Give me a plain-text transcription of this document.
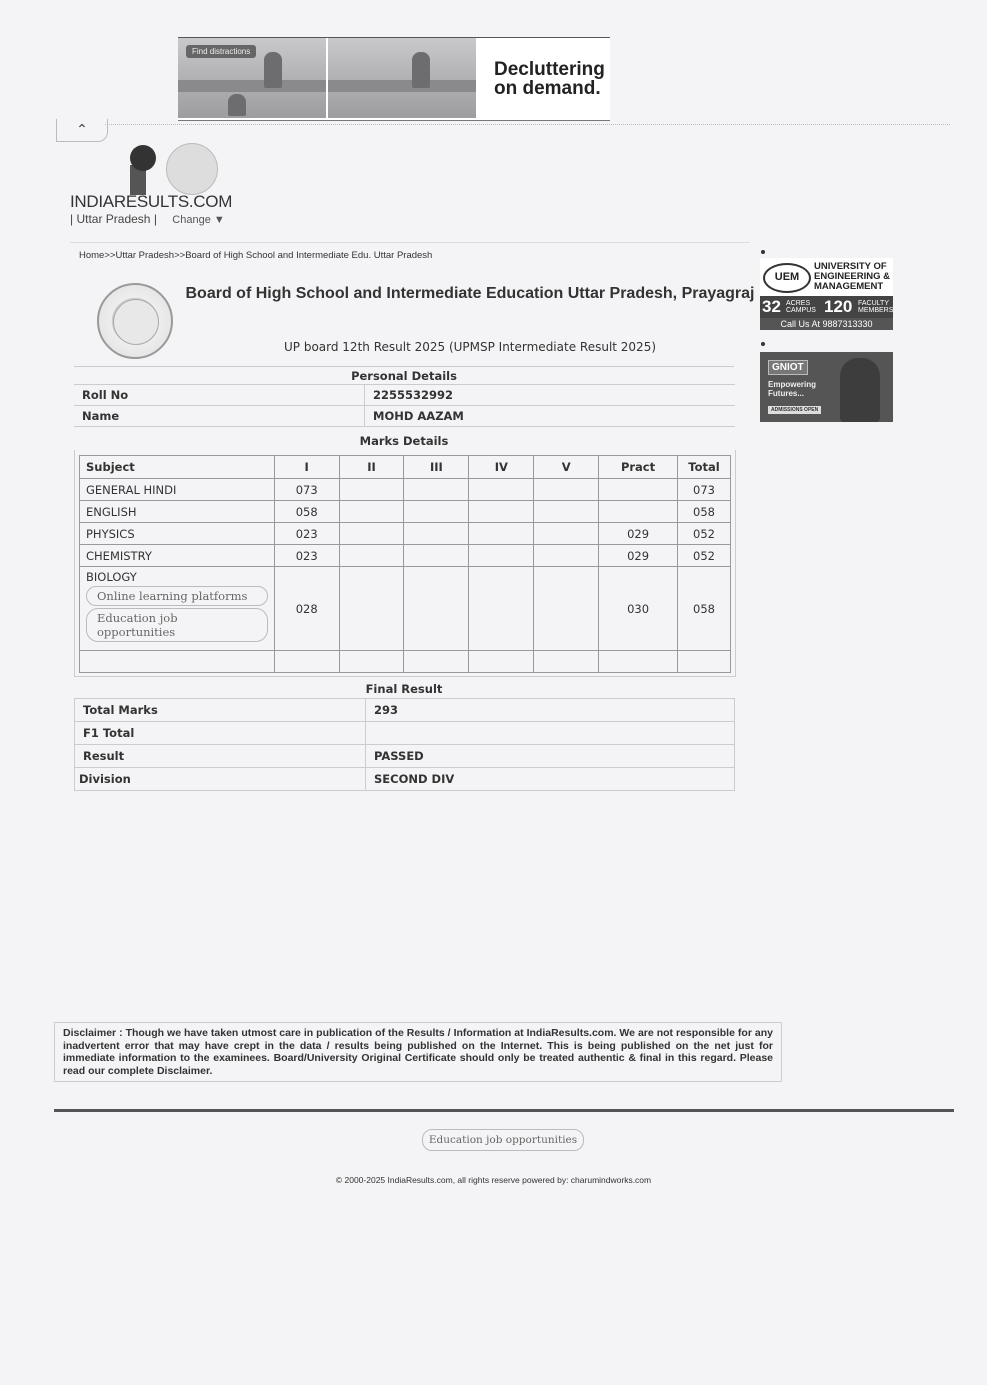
Find distractions
Decluttering
on demand.
⌃
INDIARESULTS.COM
| Uttar Pradesh | Change ▼
Home>>Uttar Pradesh>>Board of High School and Intermediate Edu. Uttar Pradesh
Board of High School and Intermediate Education Uttar Pradesh, Prayagraj
UP board 12th Result 2025 (UPMSP Intermediate Result 2025)
Personal Details
Roll No	2255532992
Name	MOHD AAZAM
Marks Details
Subject	I	II	III	IV	V	Pract	Total
GENERAL HINDI	073						073
ENGLISH	058						058
PHYSICS	023					029	052
CHEMISTRY	023					029	052

BIOLOGY
Online learning platforms
Education job opportunities	028					030	058

Final Result
Total Marks	293
F1 Total	
Result	PASSED
Division	SECOND DIV
UEM
UNIVERSITY OF
ENGINEERING &
MANAGEMENT
32 ACRES CAMPUS 120 FACULTY MEMBERS
Call Us At 9887313330
GNIOT
Empowering Futures...
ADMISSIONS OPEN
Disclaimer : Though we have taken utmost care in publication of the Results / Information at IndiaResults.com. We are not responsible for any inadvertent error that may have crept in the data / results being published on the Internet. This is being published on the net just for immediate information to the examinees. Board/University Original Certificate should only be treated authentic & final in this regard. Please read our complete Disclaimer.
Education job opportunities
© 2000-2025 IndiaResults.com, all rights reserve powered by: charumindworks.com
